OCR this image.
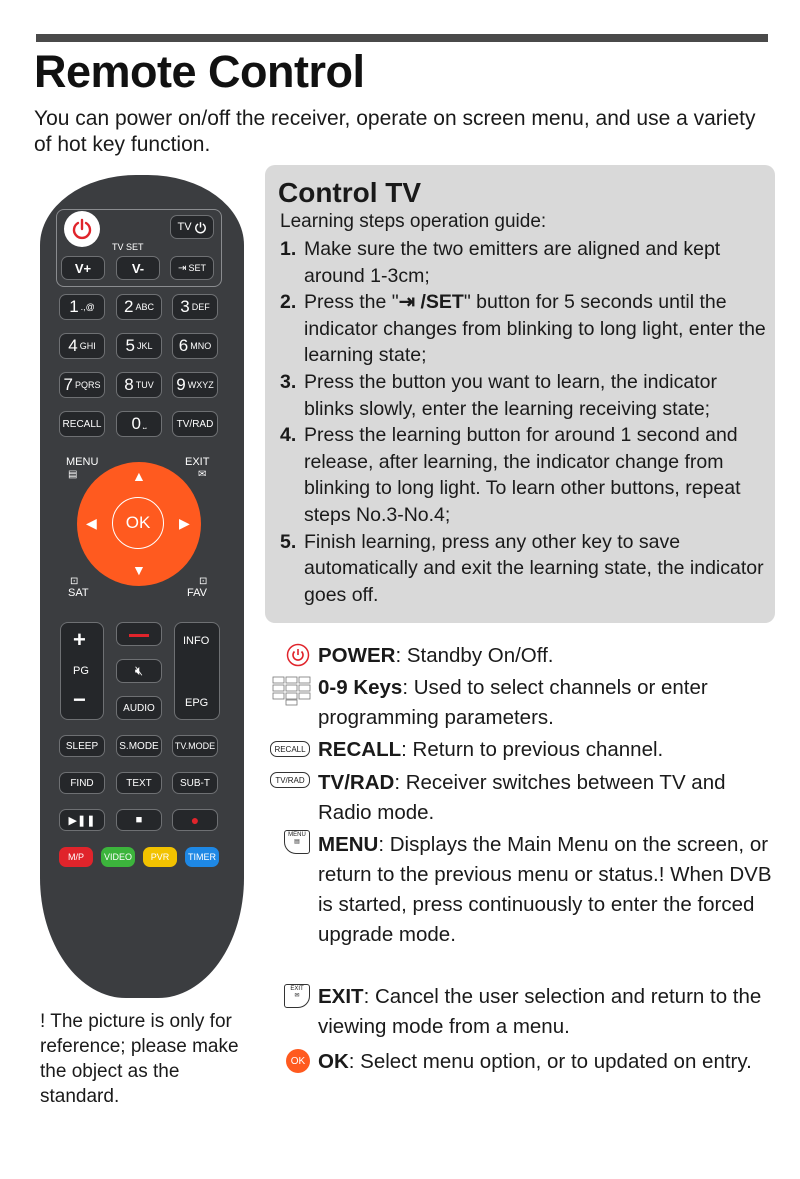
Remote Control
You can power on/off the receiver, operate on screen menu, and use a variety of hot key function.
TV
TV SET
V+	V-	⇥ SET
1 .,@ 2 ABC 3 DEF
4 GHI 5 JKL 6 MNO
7 PQRS 8 TUV 9 WXYZ
RECALL 0 ⎵	TV/RAD
MENU
▤
EXIT
✉
▲
▼
◀	▶
OK
⊡
SAT
⊡
FAV
+
PG
−
▬▬
🔇︎
AUDIO
INFO
EPG
SLEEP	S.MODE	TV.MODE
FIND	TEXT	SUB-T
▶❚❚	■	●
M/P	VIDEO	PVR	TIMER
! The picture is only for reference; please make the object as the standard.
Control TV
Learning steps operation guide:
1. Make sure the two emitters are aligned and kept around 1-3cm;
2. Press the "⇥ /SET" button for 5 seconds until the indicator changes from blinking to long light, enter the learning state;
3. Press the button you want to learn, the indicator blinks slowly, enter the learning receiving state;
4. Press the learning button for around 1 second and release, after learning, the indicator change from blinking to long light. To learn other buttons, repeat steps No.3-No.4;
5. Finish learning, press any other key to save automatically and exit the learning state, the indicator goes off.
POWER: Standby On/Off.
0-9 Keys: Used to select channels or enter programming parameters.
RECALL RECALL: Return to previous channel.
TV/RAD TV/RAD: Receiver switches between TV and Radio mode.
MENU
▤ MENU: Displays the Main Menu on the screen, or return to the previous menu or status.! When DVB is started, press continuously to enter the forced upgrade mode.
EXIT
✉ EXIT: Cancel the user selection and return to the viewing mode from a menu.
OK OK: Select menu option, or to updated on entry.
